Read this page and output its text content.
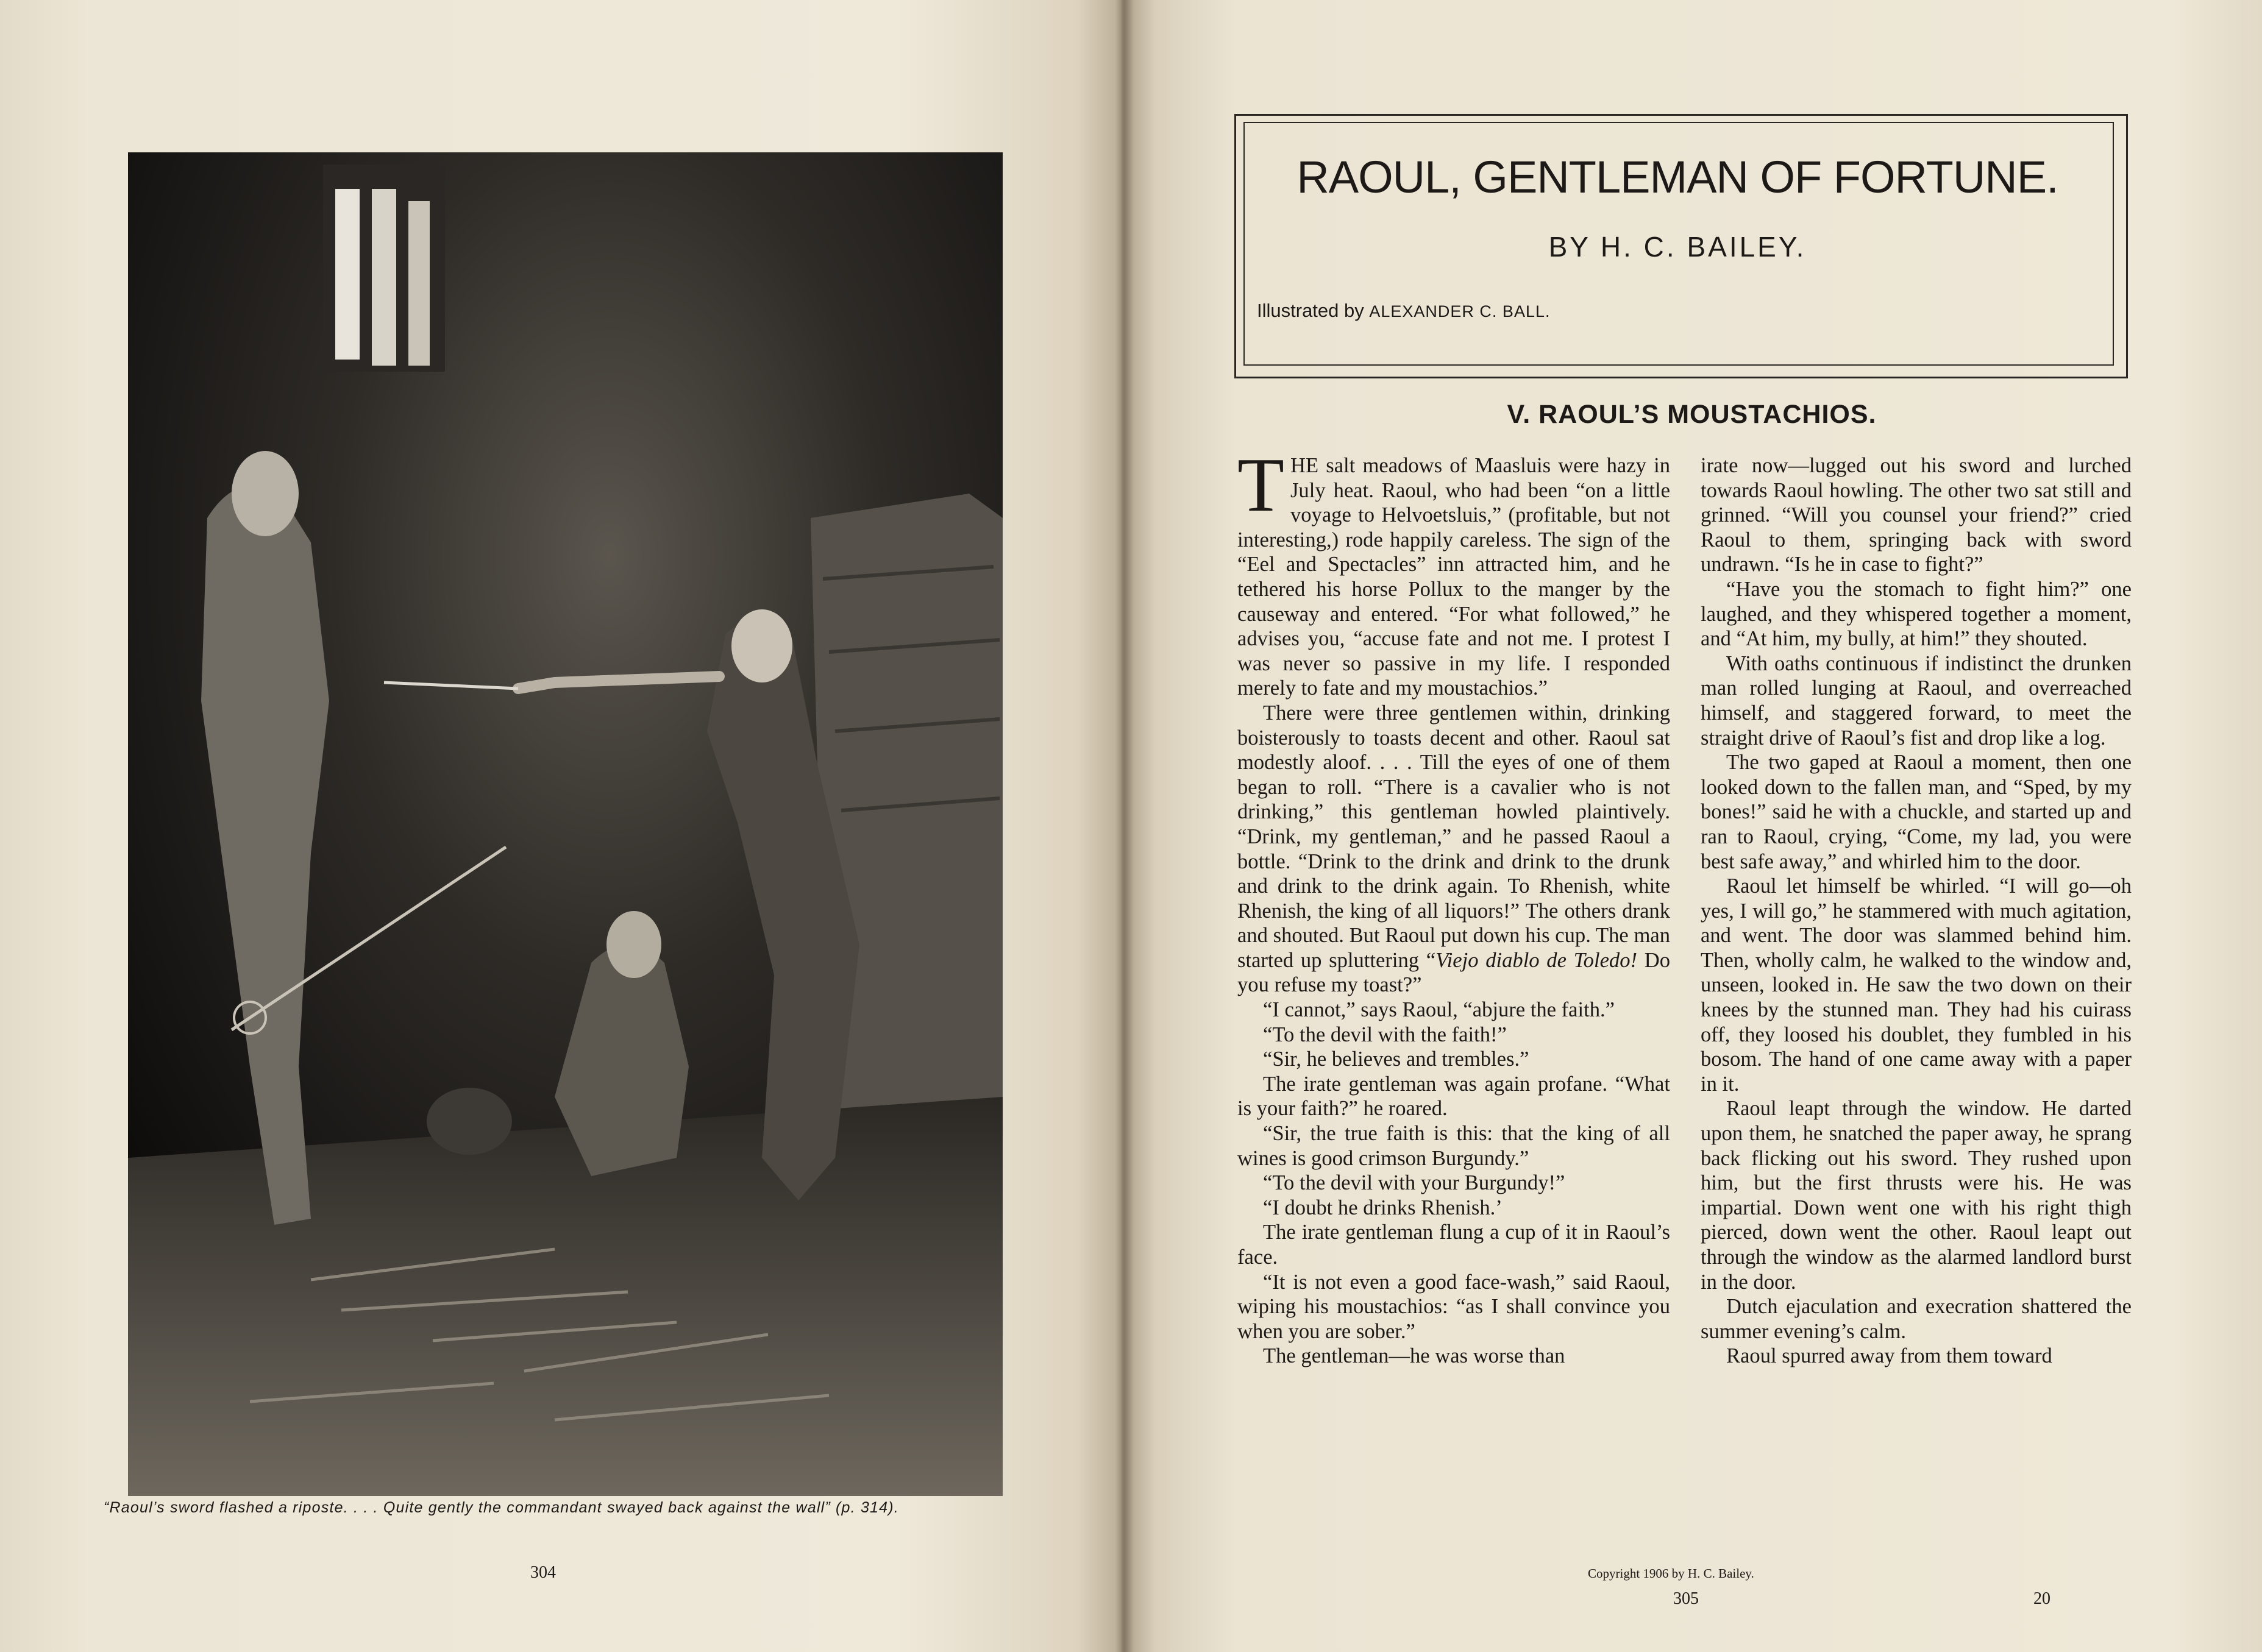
“Raoul’s sword flashed a riposte. . . . Quite gently the commandant swayed back against the wall” (p. 314).
304
RAOUL, GENTLEMAN OF FORTUNE.
BY H. C. BAILEY.
Illustrated by ALEXANDER C. BALL.
V. RAOUL’S MOUSTACHIOS.

THE salt meadows of Maasluis were hazy in July heat. Raoul, who had been “on a little voyage to Helvoetsluis,” (profitable, but not interesting,) rode happily careless. The sign of the “Eel and Spectacles” inn attracted him, and he tethered his horse Pollux to the manger by the causeway and entered. “For what followed,” he advises you, “accuse fate and not me. I protest I was never so passive in my life. I responded merely to fate and my moustachios.”

There were three gentlemen within, drinking boisterously to toasts decent and other. Raoul sat modestly aloof. . . . Till the eyes of one of them began to roll. “There is a cavalier who is not drinking,” this gentleman howled plaintively. “Drink, my gentleman,” and he passed Raoul a bottle. “Drink to the drink and drink to the drunk and drink to the drink again. To Rhenish, white Rhenish, the king of all liquors!” The others drank and shouted. But Raoul put down his cup. The man started up spluttering “Viejo diablo de Toledo! Do you refuse my toast?”

“I cannot,” says Raoul, “abjure the faith.”

“To the devil with the faith!”

“Sir, he believes and trembles.”

The irate gentleman was again profane. “What is your faith?” he roared.

“Sir, the true faith is this: that the king of all wines is good crimson Burgundy.”

“To the devil with your Burgundy!”

“I doubt he drinks Rhenish.’

The irate gentleman flung a cup of it in Raoul’s face.

“It is not even a good face-wash,” said Raoul, wiping his moustachios: “as I shall convince you when you are sober.”

The gentleman—he was worse than

irate now—lugged out his sword and lurched towards Raoul howling. The other two sat still and grinned. “Will you counsel your friend?” cried Raoul to them, springing back with sword undrawn. “Is he in case to fight?”

“Have you the stomach to fight him?” one laughed, and they whispered together a moment, and “At him, my bully, at him!” they shouted.

With oaths continuous if indistinct the drunken man rolled lunging at Raoul, and overreached himself, and staggered forward, to meet the straight drive of Raoul’s fist and drop like a log.

The two gaped at Raoul a moment, then one looked down to the fallen man, and “Sped, by my bones!” said he with a chuckle, and started up and ran to Raoul, crying, “Come, my lad, you were best safe away,” and whirled him to the door.

Raoul let himself be whirled. “I will go—oh yes, I will go,” he stammered with much agitation, and went. The door was slammed behind him. Then, wholly calm, he walked to the window and, unseen, looked in. He saw the two down on their knees by the stunned man. They had his cuirass off, they loosed his doublet, they fumbled in his bosom. The hand of one came away with a paper in it.

Raoul leapt through the window. He darted upon them, he snatched the paper away, he sprang back flicking out his sword. They rushed upon him, but the first thrusts were his. He was impartial. Down went one with his right thigh pierced, down went the other. Raoul leapt out through the window as the alarmed landlord burst in the door.

Dutch ejaculation and execration shattered the summer evening’s calm.

Raoul spurred away from them toward

Copyright 1906 by H. C. Bailey.
305	20
